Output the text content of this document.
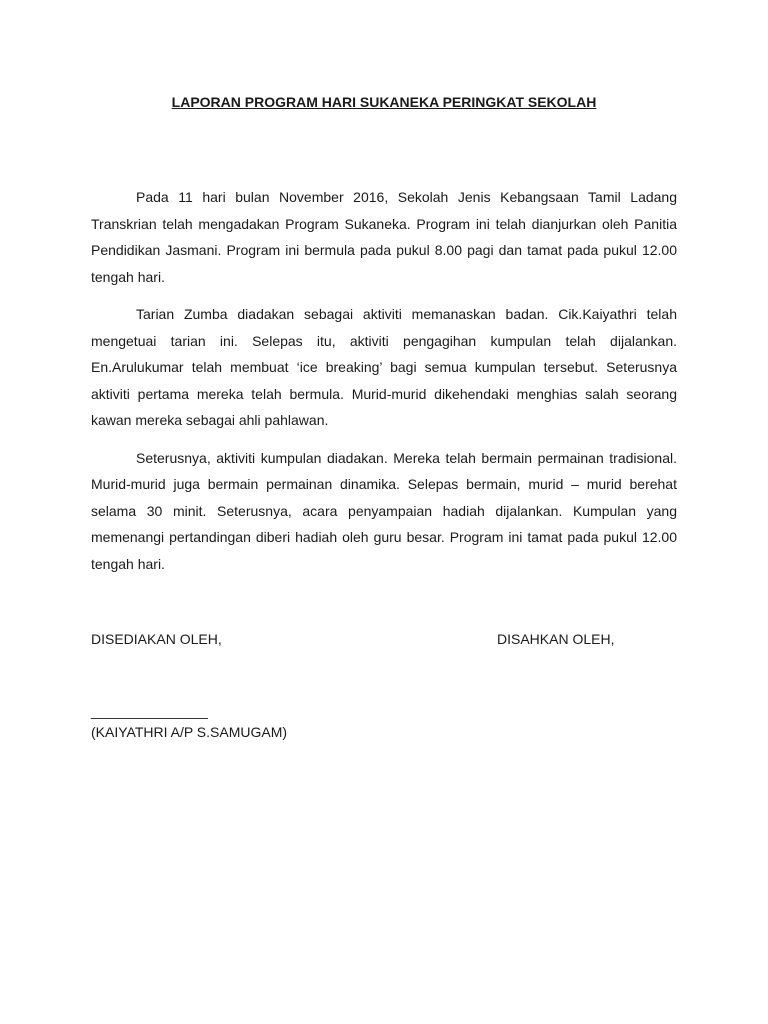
LAPORAN PROGRAM HARI SUKANEKA PERINGKAT SEKOLAH

Pada 11 hari bulan November 2016, Sekolah Jenis Kebangsaan Tamil Ladang Transkrian telah mengadakan Program Sukaneka. Program ini telah dianjurkan oleh Panitia Pendidikan Jasmani. Program ini bermula pada pukul 8.00 pagi dan tamat pada pukul 12.00 tengah hari.

Tarian Zumba diadakan sebagai aktiviti memanaskan badan. Cik.Kaiyathri telah mengetuai tarian ini. Selepas itu, aktiviti pengagihan kumpulan telah dijalankan. En.Arulukumar telah membuat ‘ice breaking’ bagi semua kumpulan tersebut. Seterusnya aktiviti pertama mereka telah bermula. Murid-murid dikehendaki menghias salah seorang kawan mereka sebagai ahli pahlawan.

Seterusnya, aktiviti kumpulan diadakan. Mereka telah bermain permainan tradisional. Murid-murid juga bermain permainan dinamika. Selepas bermain, murid – murid berehat selama 30 minit. Seterusnya, acara penyampaian hadiah dijalankan. Kumpulan yang memenangi pertandingan diberi hadiah oleh guru besar. Program ini tamat pada pukul 12.00 tengah hari.

DISEDIAKAN OLEH,	DISAHKAN OLEH,
_______________
(KAIYATHRI A/P S.SAMUGAM)
